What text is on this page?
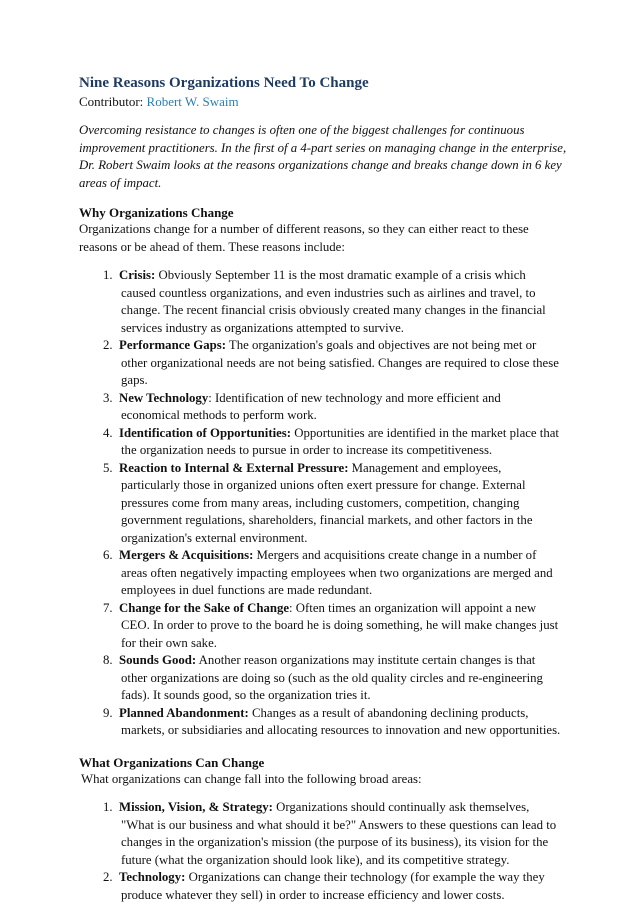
Nine Reasons Organizations Need To Change
Contributor: Robert W. Swaim
Overcoming resistance to changes is often one of the biggest challenges for continuous improvement practitioners. In the first of a 4-part series on managing change in the enterprise, Dr. Robert Swaim looks at the reasons organizations change and breaks change down in 6 key areas of impact.
Why Organizations Change
Organizations change for a number of different reasons, so they can either react to these reasons or be ahead of them. These reasons include:
1. Crisis: Obviously September 11 is the most dramatic example of a crisis which
caused countless organizations, and even industries such as airlines and travel, to change. The recent financial crisis obviously created many changes in the financial services industry as organizations attempted to survive.
2. Performance Gaps: The organization's goals and objectives are not being met or
other organizational needs are not being satisfied. Changes are required to close these gaps.
3. New Technology: Identification of new technology and more efficient and
economical methods to perform work.
4. Identification of Opportunities: Opportunities are identified in the market place that
the organization needs to pursue in order to increase its competitiveness.
5. Reaction to Internal & External Pressure: Management and employees,
particularly those in organized unions often exert pressure for change. External pressures come from many areas, including customers, competition, changing government regulations, shareholders, financial markets, and other factors in the organization's external environment.
6. Mergers & Acquisitions: Mergers and acquisitions create change in a number of
areas often negatively impacting employees when two organizations are merged and employees in duel functions are made redundant.
7. Change for the Sake of Change: Often times an organization will appoint a new
CEO. In order to prove to the board he is doing something, he will make changes just for their own sake.
8. Sounds Good: Another reason organizations may institute certain changes is that
other organizations are doing so (such as the old quality circles and re-engineering fads). It sounds good, so the organization tries it.
9. Planned Abandonment: Changes as a result of abandoning declining products,
markets, or subsidiaries and allocating resources to innovation and new opportunities.
What Organizations Can Change
What organizations can change fall into the following broad areas:
1. Mission, Vision, & Strategy: Organizations should continually ask themselves,
"What is our business and what should it be?" Answers to these questions can lead to changes in the organization's mission (the purpose of its business), its vision for the future (what the organization should look like), and its competitive strategy.
2. Technology: Organizations can change their technology (for example the way they
produce whatever they sell) in order to increase efficiency and lower costs.
